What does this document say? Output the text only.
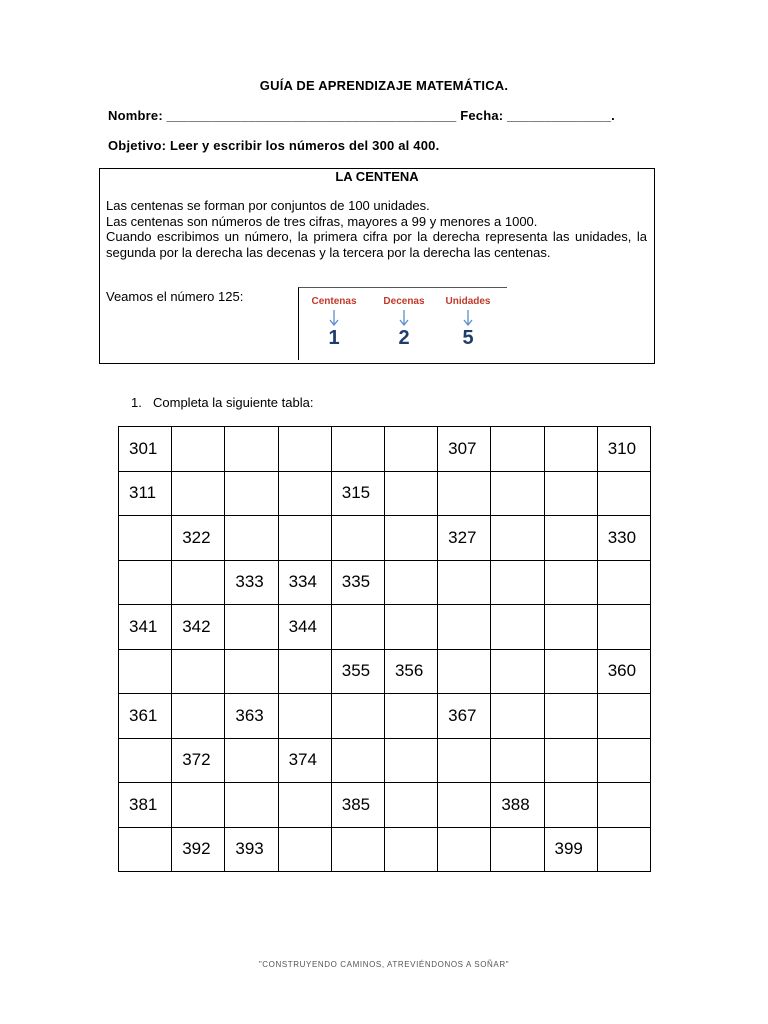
GUÍA DE APRENDIZAJE MATEMÁTICA.
Nombre: _______________________________________ Fecha: ______________.
Objetivo: Leer y escribir los números del 300 al 400.
LA CENTENA

Las centenas se forman por conjuntos de 100 unidades.

Las centenas son números de tres cifras, mayores a 99 y menores a 1000.

Cuando escribimos un número, la primera cifra por la derecha representa las unidades, la segunda por la derecha las decenas y la tercera por la derecha las centenas.

Veamos el número 125:	Centenas
1
Decenas
2
Unidades
5
1. Completa la siguiente tabla:
301						307			310
311				315					
	322					327			330
		333	334	335					
341	342		344						
				355	356				360
361		363				367			
	372		374						
381				385			388		
	392	393						399	
"CONSTRUYENDO CAMINOS, ATREVIÉNDONOS A SOÑAR"
